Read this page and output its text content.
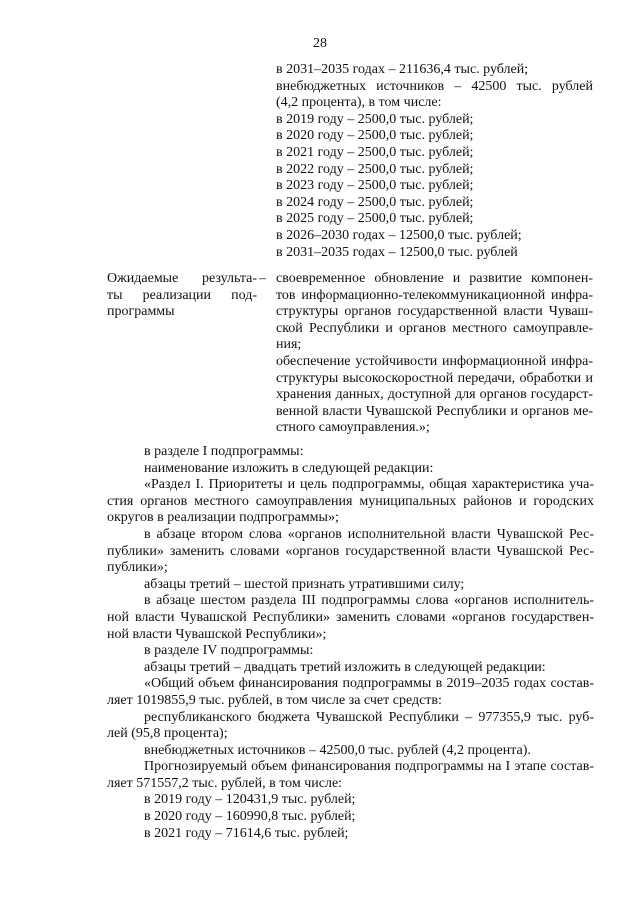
28
в 2031–2035 годах – 211636,4 тыс. рублей;
внебюджетных источников – 42500 тыс. рублей
(4,2 процента), в том числе:
в 2019 году – 2500,0 тыс. рублей;
в 2020 году – 2500,0 тыс. рублей;
в 2021 году – 2500,0 тыс. рублей;
в 2022 году – 2500,0 тыс. рублей;
в 2023 году – 2500,0 тыс. рублей;
в 2024 году – 2500,0 тыс. рублей;
в 2025 году – 2500,0 тыс. рублей;
в 2026–2030 годах – 12500,0 тыс. рублей;
в 2031–2035 годах – 12500,0 тыс. рублей
Ожидаемые результа-
ты реализации под-
программы
– своевременное обновление и развитие компонен-
тов информационно-телекоммуникационной инфра-
структуры органов государственной власти Чуваш-
ской Республики и органов местного самоуправле-
ния;
обеспечение устойчивости информационной инфра-
структуры высокоскоростной передачи, обработки и
хранения данных, доступной для органов государст-
венной власти Чувашской Республики и органов ме-
стного самоуправления.»;
в разделе I подпрограммы:
наименование изложить в следующей редакции:
«Раздел I. Приоритеты и цель подпрограммы, общая характеристика уча-
стия органов местного самоуправления муниципальных районов и городских
округов в реализации подпрограммы»;
в абзаце втором слова «органов исполнительной власти Чувашской Рес-
публики» заменить словами «органов государственной власти Чувашской Рес-
публики»;
абзацы третий – шестой признать утратившими силу;
в абзаце шестом раздела III подпрограммы слова «органов исполнитель-
ной власти Чувашской Республики» заменить словами «органов государствен-
ной власти Чувашской Республики»;
в разделе IV подпрограммы:
абзацы третий – двадцать третий изложить в следующей редакции:
«Общий объем финансирования подпрограммы в 2019–2035 годах состав-
ляет 1019855,9 тыс. рублей, в том числе за счет средств:
республиканского бюджета Чувашской Республики – 977355,9 тыс. руб-
лей (95,8 процента);
внебюджетных источников – 42500,0 тыс. рублей (4,2 процента).
Прогнозируемый объем финансирования подпрограммы на I этапе состав-
ляет 571557,2 тыс. рублей, в том числе:
в 2019 году – 120431,9 тыс. рублей;
в 2020 году – 160990,8 тыс. рублей;
в 2021 году – 71614,6 тыс. рублей;
